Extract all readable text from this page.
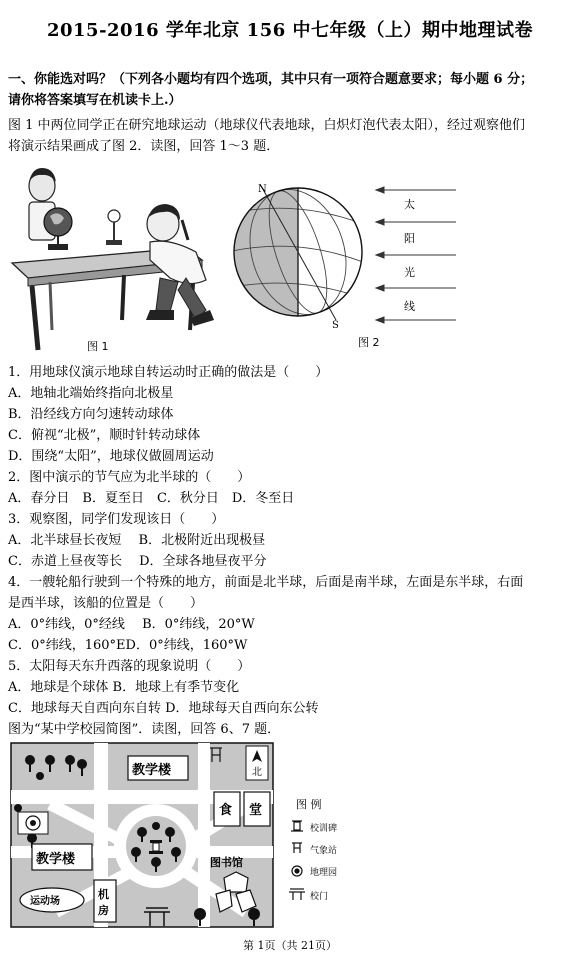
2015-2016 学年北京 156 中七年级（上）期中地理试卷
一、你能选对吗？（下列各小题均有四个选项，其中只有一项符合题意要求；每小题 6 分；
请你将答案填写在机读卡上.）
图 1 中两位同学正在研究地球运动（地球仪代表地球，白炽灯泡代表太阳），经过观察他们
将演示结果画成了图 2．读图，回答 1～3 题．
图 1
N
S
太
阳
光
线
图 2
1．用地球仪演示地球自转运动时正确的做法是（　　）
A．地轴北端始终指向北极星
B．沿经线方向匀速转动球体
C．俯视“北极”，顺时针转动球体
D．围绕“太阳”，地球仪做圆周运动
2．图中演示的节气应为北半球的（　　）
A．春分日　B．夏至日　C．秋分日　D．冬至日
3．观察图，同学们发现该日（　　）
A．北半球昼长夜短　 B．北极附近出现极昼
C．赤道上昼夜等长　 D．全球各地昼夜平分
4．一艘轮船行驶到一个特殊的地方，前面是北半球，后面是南半球，左面是东半球，右面
是西半球，该船的位置是（　　）
A．0°纬线，0°经线　 B．0°纬线，20°W
C．0°纬线，160°ED．0°纬线，160°W
5．太阳每天东升西落的现象说明（　　）
A．地球是个球体 B．地球上有季节变化
C．地球每天自西向东自转 D．地球每天自西向东公转
图为“某中学校园简图”．读图，回答 6、7 题．
教学楼	北
食 堂
教学楼	图书馆
运动场
机
房
图 例
校训碑
气象站
地理园
校门
第 1页（共 21页）
